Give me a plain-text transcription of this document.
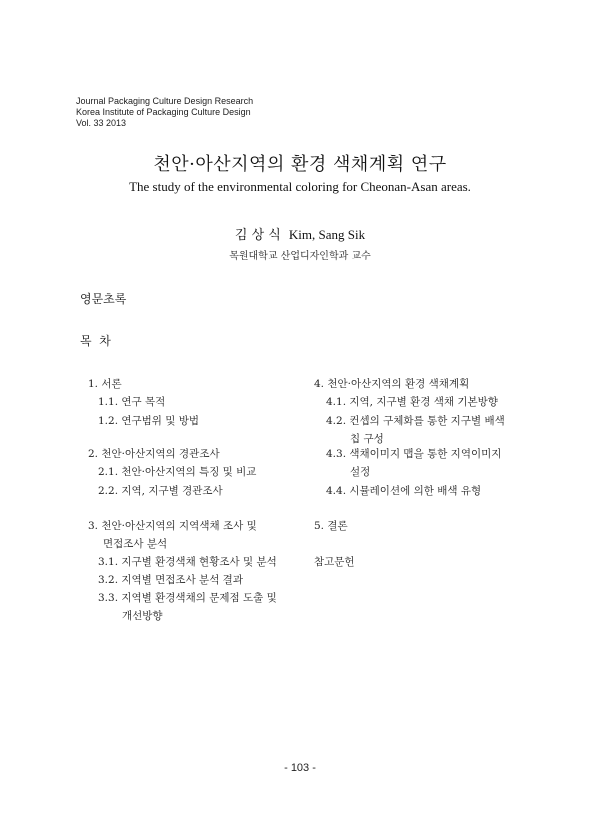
Journal Packaging Culture Design Research
Korea Institute of Packaging Culture Design
Vol. 33 2013
천안·아산지역의 환경 색채계획 연구
The study of the environmental coloring for Cheonan-Asan areas.
김 상 식 Kim, Sang Sik
목원대학교 산업디자인학과 교수
영문초록
목  차
1. 서론
1.1. 연구 목적
1.2. 연구범위 및 방법
2. 천안·아산지역의 경관조사
2.1. 천안·아산지역의 특징 및 비교
2.2. 지역, 지구별 경관조사
3. 천안·아산지역의 지역색채 조사 및
면접조사 분석
3.1. 지구별 환경색채 현황조사 및 분석
3.2. 지역별 면접조사 분석 결과
3.3. 지역별 환경색채의 문제점 도출 및
개선방향
4. 천안·아산지역의 환경 색채계획
4.1. 지역, 지구별 환경 색채 기본방향
4.2. 컨셉의 구체화를 통한 지구별 배색
칩 구성
4.3. 색채이미지 맵을 통한 지역이미지
설정
4.4. 시뮬레이션에 의한 배색 유형
5. 결론
참고문헌
- 103 -
